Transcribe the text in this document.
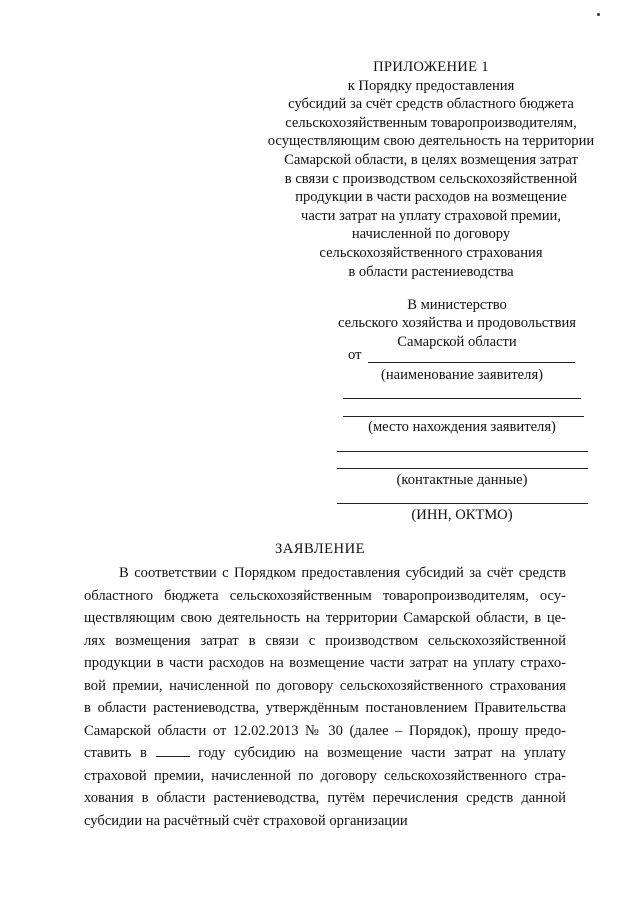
ПРИЛОЖЕНИЕ 1
к Порядку предоставления
субсидий за счёт средств областного бюджета
сельскохозяйственным товаропроизводителям,
осуществляющим свою деятельность на территории
Самарской области, в целях возмещения затрат
в связи с производством сельскохозяйственной
продукции в части расходов на возмещение
части затрат на уплату страховой премии,
начисленной по договору
сельскохозяйственного страхования
в области растениеводства
В министерство
сельского хозяйства и продовольствия
Самарской области
от
(наименование заявителя)
(место нахождения заявителя)
(контактные данные)
(ИНН, ОКТМО)
ЗАЯВЛЕНИЕ
В соответствии с Порядком предоставления субсидий за счёт средств
областного бюджета сельскохозяйственным товаропроизводителям, осу-
ществляющим свою деятельность на территории Самарской области, в це-
лях возмещения затрат в связи с производством сельскохозяйственной
продукции в части расходов на возмещение части затрат на уплату страхо-
вой премии, начисленной по договору сельскохозяйственного страхования
в области растениеводства, утверждённым постановлением Правительства
Самарской области от 12.02.2013 № 30 (далее – Порядок), прошу предо-
ставить в	году субсидию на возмещение части затрат на уплату
страховой премии, начисленной по договору сельскохозяйственного стра-
хования в области растениеводства, путём перечисления средств данной
субсидии на расчётный счёт страховой организации
